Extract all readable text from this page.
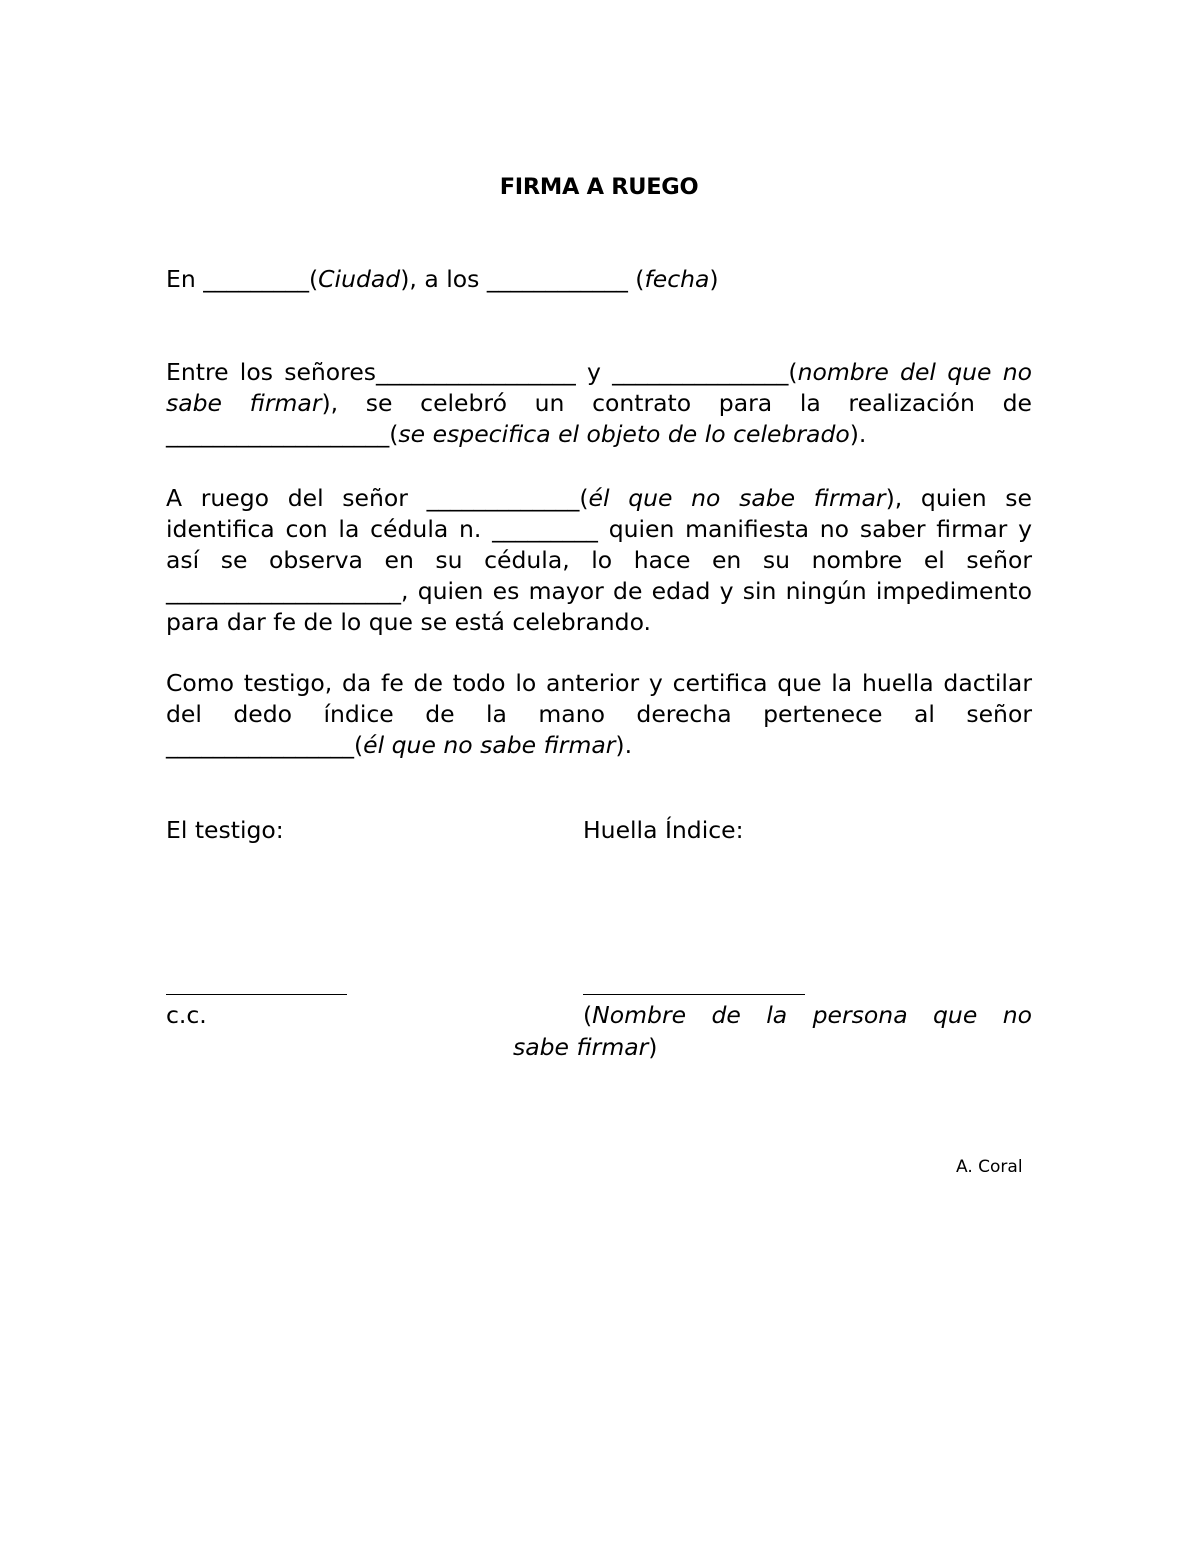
FIRMA A RUEGO

En _________(Ciudad), a los ____________ (fecha)

Entre los señores_________________ y _______________(nombre del que no sabe firmar), se celebró un contrato para la realización de ___________________(se especifica el objeto de lo celebrado).

A ruego del señor _____________(él que no sabe firmar), quien se identifica con la cédula n. _________ quien manifiesta no saber firmar y así se observa en su cédula, lo hace en su nombre el señor ____________________, quien es mayor de edad y sin ningún impedimento para dar fe de lo que se está celebrando.

Como testigo, da fe de todo lo anterior y certifica que la huella dactilar del dedo índice de la mano derecha pertenece al señor ________________(él que no sabe firmar).

El testigo:	Huella Índice:
c.c.	(Nombre de la persona que no
sabe firmar)
A. Coral
